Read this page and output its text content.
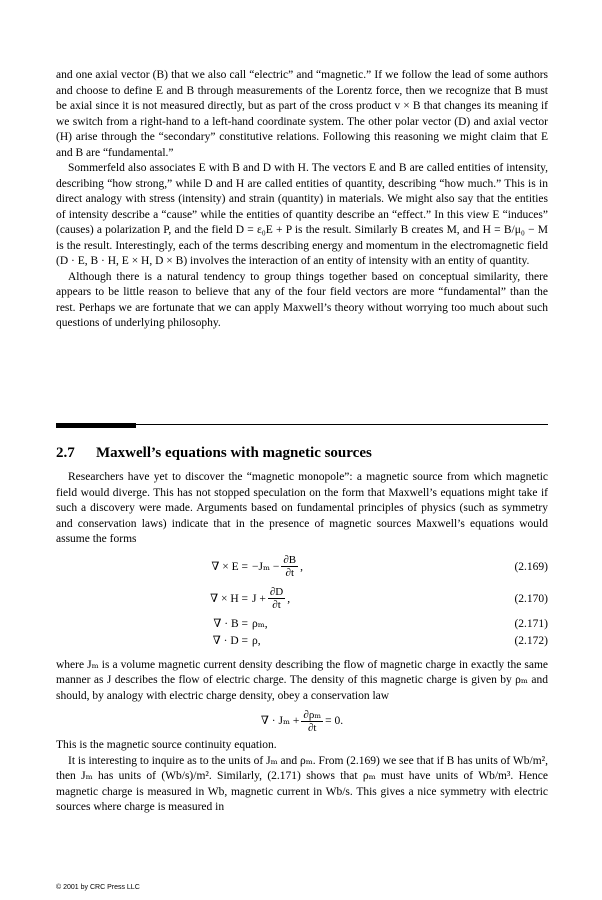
and one axial vector (B) that we also call “electric” and “magnetic.” If we follow the lead of some authors and choose to define E and B through measurements of the Lorentz force, then we recognize that B must be axial since it is not measured directly, but as part of the cross product v × B that changes its meaning if we switch from a right-hand to a left-hand coordinate system. The other polar vector (D) and axial vector (H) arise through the “secondary” constitutive relations. Following this reasoning we might claim that E and B are “fundamental.”

Sommerfeld also associates E with B and D with H. The vectors E and B are called entities of intensity, describing “how strong,” while D and H are called entities of quantity, describing “how much.” This is in direct analogy with stress (intensity) and strain (quantity) in materials. We might also say that the entities of intensity describe a “cause” while the entities of quantity describe an “effect.” In this view E “induces” (causes) a polarization P, and the field D = ε₀E + P is the result. Similarly B creates M, and H = B/μ₀ − M is the result. Interestingly, each of the terms describing energy and momentum in the electromagnetic field (D · E, B · H, E × H, D × B) involves the interaction of an entity of intensity with an entity of quantity.

Although there is a natural tendency to group things together based on conceptual similarity, there appears to be little reason to believe that any of the four field vectors are more “fundamental” than the rest. Perhaps we are fortunate that we can apply Maxwell’s theory without worrying too much about such questions of underlying philosophy.

2.7 Maxwell’s equations with magnetic sources

Researchers have yet to discover the “magnetic monopole”: a magnetic source from which magnetic field would diverge. This has not stopped speculation on the form that Maxwell’s equations might take if such a discovery were made. Arguments based on fundamental principles of physics (such as symmetry and conservation laws) indicate that in the presence of magnetic sources Maxwell’s equations would assume the forms

∇ × $E = -J_m - \frac{\partial B}{\partial t}$ ,	(2.169)
∇ × $H = J + \frac{\partial D}{\partial t}$ ,	(2.170)
∇ · B = ρₘ,	(2.171)
∇ · D = ρ,	(2.172)

where Jₘ is a volume magnetic current density describing the flow of magnetic charge in exactly the same manner as J describes the flow of electric charge. The density of this magnetic charge is given by ρₘ and should, by analogy with electric charge density, obey a conservation law

∇ · $J_m + \frac{\text{∂ρₘ}}{\partial t} = 0$.

This is the magnetic source continuity equation.

It is interesting to inquire as to the units of Jₘ and ρₘ. From (2.169) we see that if B has units of Wb/m², then Jₘ has units of (Wb/s)/m². Similarly, (2.171) shows that ρₘ must have units of Wb/m³. Hence magnetic charge is measured in Wb, magnetic current in Wb/s. This gives a nice symmetry with electric sources where charge is measured in

© 2001 by CRC Press LLC
